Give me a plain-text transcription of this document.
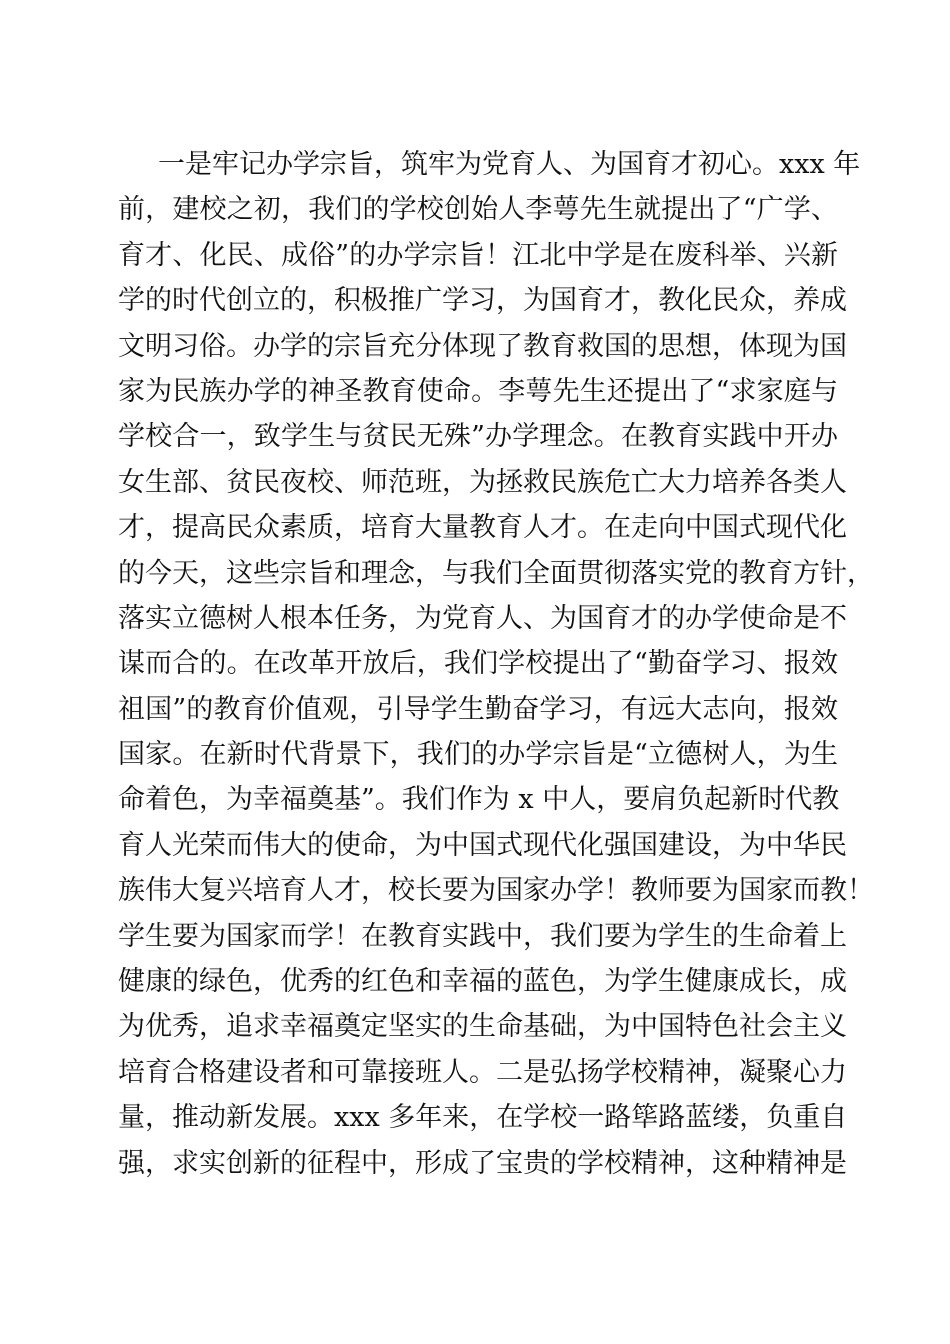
一是牢记办学宗旨，筑牢为党育人、为国育才初心。xxx 年
前，建校之初，我们的学校创始人李萼先生就提出了“广学、
育才、化民、成俗”的办学宗旨！江北中学是在废科举、兴新
学的时代创立的，积极推广学习，为国育才，教化民众，养成
文明习俗。办学的宗旨充分体现了教育救国的思想，体现为国
家为民族办学的神圣教育使命。李萼先生还提出了“求家庭与
学校合一，致学生与贫民无殊”办学理念。在教育实践中开办
女生部、贫民夜校、师范班，为拯救民族危亡大力培养各类人
才，提高民众素质，培育大量教育人才。在走向中国式现代化
的今天，这些宗旨和理念，与我们全面贯彻落实党的教育方针，
落实立德树人根本任务，为党育人、为国育才的办学使命是不
谋而合的。在改革开放后，我们学校提出了“勤奋学习、报效
祖国”的教育价值观，引导学生勤奋学习，有远大志向，报效
国家。在新时代背景下，我们的办学宗旨是“立德树人，为生
命着色，为幸福奠基”。我们作为 x 中人，要肩负起新时代教
育人光荣而伟大的使命，为中国式现代化强国建设，为中华民
族伟大复兴培育人才，校长要为国家办学！教师要为国家而教！
学生要为国家而学！在教育实践中，我们要为学生的生命着上
健康的绿色，优秀的红色和幸福的蓝色，为学生健康成长，成
为优秀，追求幸福奠定坚实的生命基础，为中国特色社会主义
培育合格建设者和可靠接班人。二是弘扬学校精神，凝聚心力
量，推动新发展。xxx 多年来，在学校一路筚路蓝缕，负重自
强，求实创新的征程中，形成了宝贵的学校精神，这种精神是
